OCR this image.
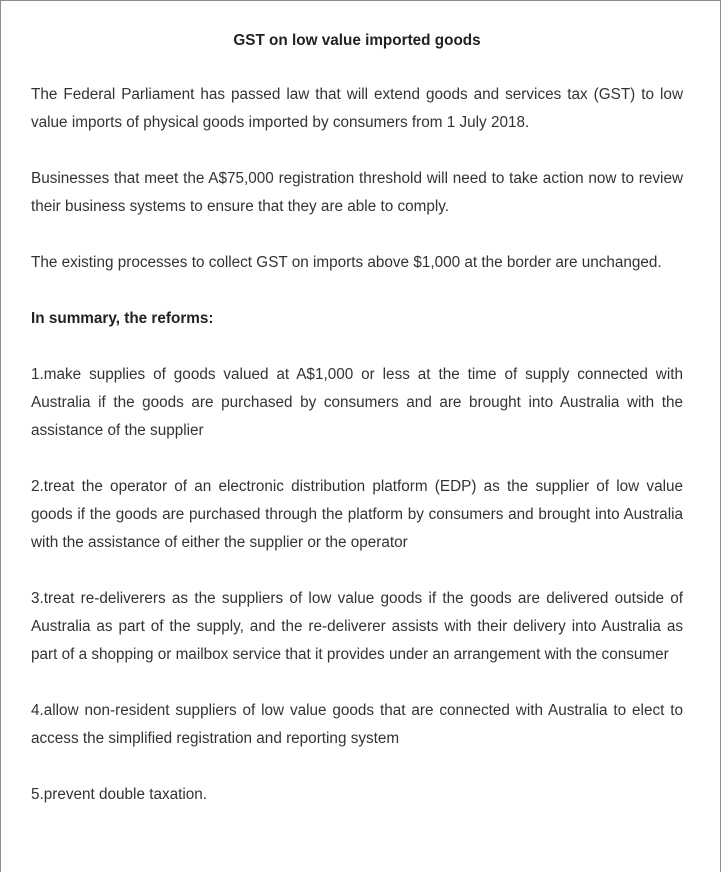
GST on low value imported goods

The Federal Parliament has passed law that will extend goods and services tax (GST) to low value imports of physical goods imported by consumers from 1 July 2018.

Businesses that meet the A$75,000 registration threshold will need to take action now to review their business systems to ensure that they are able to comply.

The existing processes to collect GST on imports above $1,000 at the border are unchanged.

In summary, the reforms:

1.make supplies of goods valued at A$1,000 or less at the time of supply connected with Australia if the goods are purchased by consumers and are brought into Australia with the assistance of the supplier

2.treat the operator of an electronic distribution platform (EDP) as the supplier of low value goods if the goods are purchased through the platform by consumers and brought into Australia with the assistance of either the supplier or the operator

3.treat re-deliverers as the suppliers of low value goods if the goods are delivered outside of Australia as part of the supply, and the re-deliverer assists with their delivery into Australia as part of a shopping or mailbox service that it provides under an arrangement with the consumer

4.allow non-resident suppliers of low value goods that are connected with Australia to elect to access the simplified registration and reporting system

5.prevent double taxation.
